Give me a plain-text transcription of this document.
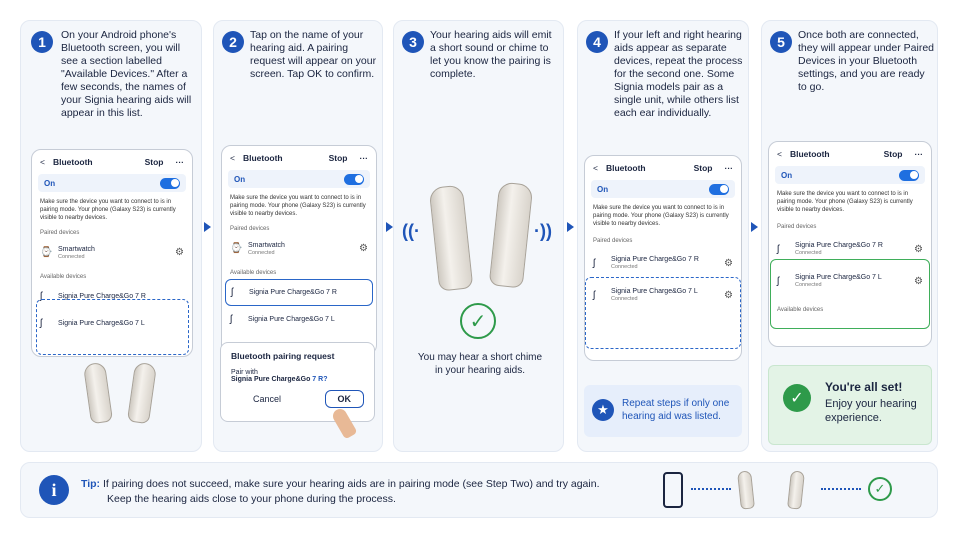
1	On your Android phone's Bluetooth screen, you will see a section labelled "Available Devices." After a few seconds, the names of your Signia hearing aids will appear in this list.
< Bluetooth	Stop ···
On
Make sure the device you want to connect to is in pairing mode. Your phone (Galaxy S23) is currently visible to nearby devices.
Paired devices
⌚ Smartwatch
Connected	⚙
Available devices
ʃ	Signia Pure Charge&Go 7 R
ʃ	Signia Pure Charge&Go 7 L
2	Tap on the name of your hearing aid. A pairing request will appear on your screen. Tap OK to confirm.
< Bluetooth	Stop ···
On
Make sure the device you want to connect to is in pairing mode. Your phone (Galaxy S23) is currently visible to nearby devices.
Paired devices
⌚ Smartwatch
Connected	⚙
Available devices
ʃ	Signia Pure Charge&Go 7 R
ʃ	Signia Pure Charge&Go 7 L
Bluetooth pairing request
Pair with
Signia Pure Charge&Go 7 R?
Cancel	OK
3	Your hearing aids will emit a short sound or chime to let you know the pairing is complete.
((·	·))
✓
You may hear a short chime in your hearing aids.
4	If your left and right hearing aids appear as separate devices, repeat the process for the second one. Some Signia models pair as a single unit, while others list each ear individually.
< Bluetooth	Stop ···
On
Make sure the device you want to connect to is in pairing mode. Your phone (Galaxy S23) is currently visible to nearby devices.
Paired devices
ʃ	Signia Pure Charge&Go 7 R
Connected	⚙
ʃ	Signia Pure Charge&Go 7 L
Connected	⚙
★	Repeat steps if only one hearing aid was listed.
5	Once both are connected, they will appear under Paired Devices in your Bluetooth settings, and you are ready to go.
< Bluetooth	Stop ···
On
Make sure the device you want to connect to is in pairing mode. Your phone (Galaxy S23) is currently visible to nearby devices.
Paired devices
ʃ	Signia Pure Charge&Go 7 R
Connected	⚙
ʃ	Signia Pure Charge&Go 7 L
Connected	⚙
Available devices
✓
You're all set!
Enjoy your hearing experience.
i	Tip: If pairing does not succeed, make sure your hearing aids are in pairing mode (see Step Two) and try again.
Keep the hearing aids close to your phone during the process.
✓
